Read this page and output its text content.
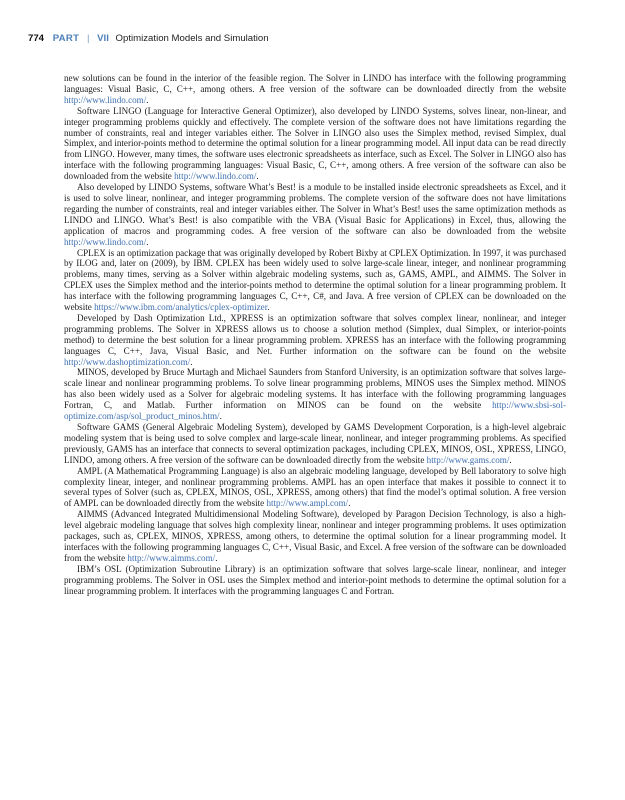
774 PART | VII Optimization Models and Simulation

new solutions can be found in the interior of the feasible region. The Solver in LINDO has interface with the following programming languages: Visual Basic, C, C++, among others. A free version of the software can be downloaded directly from the website http://www.lindo.com/.

Software LINGO (Language for Interactive General Optimizer), also developed by LINDO Systems, solves linear, non-linear, and integer programming problems quickly and effectively. The complete version of the software does not have limitations regarding the number of constraints, real and integer variables either. The Solver in LINGO also uses the Simplex method, revised Simplex, dual Simplex, and interior-points method to determine the optimal solution for a linear programming model. All input data can be read directly from LINGO. However, many times, the software uses electronic spreadsheets as interface, such as Excel. The Solver in LINGO also has interface with the following programming languages: Visual Basic, C, C++, among others. A free version of the software can also be downloaded from the website http://www.lindo.com/.

Also developed by LINDO Systems, software What’s Best! is a module to be installed inside electronic spreadsheets as Excel, and it is used to solve linear, nonlinear, and integer programming problems. The complete version of the software does not have limitations regarding the number of constraints, real and integer variables either. The Solver in What’s Best! uses the same optimization methods as LINDO and LINGO. What’s Best! is also compatible with the VBA (Visual Basic for Applications) in Excel, thus, allowing the application of macros and programming codes. A free version of the software can also be downloaded from the website http://www.lindo.com/.

CPLEX is an optimization package that was originally developed by Robert Bixby at CPLEX Optimization. In 1997, it was purchased by ILOG and, later on (2009), by IBM. CPLEX has been widely used to solve large-scale linear, integer, and nonlinear programming problems, many times, serving as a Solver within algebraic modeling systems, such as, GAMS, AMPL, and AIMMS. The Solver in CPLEX uses the Simplex method and the interior-points method to determine the optimal solution for a linear programming problem. It has interface with the following programming languages C, C++, C#, and Java. A free version of CPLEX can be downloaded on the website https://www.ibm.com/analytics/cplex-optimizer.

Developed by Dash Optimization Ltd., XPRESS is an optimization software that solves complex linear, nonlinear, and integer programming problems. The Solver in XPRESS allows us to choose a solution method (Simplex, dual Simplex, or interior-points method) to determine the best solution for a linear programming problem. XPRESS has an interface with the following programming languages C, C++, Java, Visual Basic, and Net. Further information on the software can be found on the website http://www.dashoptimization.com/.

MINOS, developed by Bruce Murtagh and Michael Saunders from Stanford University, is an optimization software that solves large-scale linear and nonlinear programming problems. To solve linear programming problems, MINOS uses the Simplex method. MINOS has also been widely used as a Solver for algebraic modeling systems. It has interface with the following programming languages Fortran, C, and Matlab. Further information on MINOS can be found on the website http://www.sbsi-sol-optimize.com/asp/sol_product_minos.htm/.

Software GAMS (General Algebraic Modeling System), developed by GAMS Development Corporation, is a high-level algebraic modeling system that is being used to solve complex and large-scale linear, nonlinear, and integer programming problems. As specified previously, GAMS has an interface that connects to several optimization packages, including CPLEX, MINOS, OSL, XPRESS, LINGO, LINDO, among others. A free version of the software can be downloaded directly from the website http://www.gams.com/.

AMPL (A Mathematical Programming Language) is also an algebraic modeling language, developed by Bell laboratory to solve high complexity linear, integer, and nonlinear programming problems. AMPL has an open interface that makes it possible to connect it to several types of Solver (such as, CPLEX, MINOS, OSL, XPRESS, among others) that find the model’s optimal solution. A free version of AMPL can be downloaded directly from the website http://www.ampl.com/.

AIMMS (Advanced Integrated Multidimensional Modeling Software), developed by Paragon Decision Technology, is also a high-level algebraic modeling language that solves high complexity linear, nonlinear and integer programming problems. It uses optimization packages, such as, CPLEX, MINOS, XPRESS, among others, to determine the optimal solution for a linear programming model. It interfaces with the following programming languages C, C++, Visual Basic, and Excel. A free version of the software can be downloaded from the website http://www.aimms.com/.

IBM’s OSL (Optimization Subroutine Library) is an optimization software that solves large-scale linear, nonlinear, and integer programming problems. The Solver in OSL uses the Simplex method and interior-point methods to determine the optimal solution for a linear programming problem. It interfaces with the programming languages C and Fortran.
